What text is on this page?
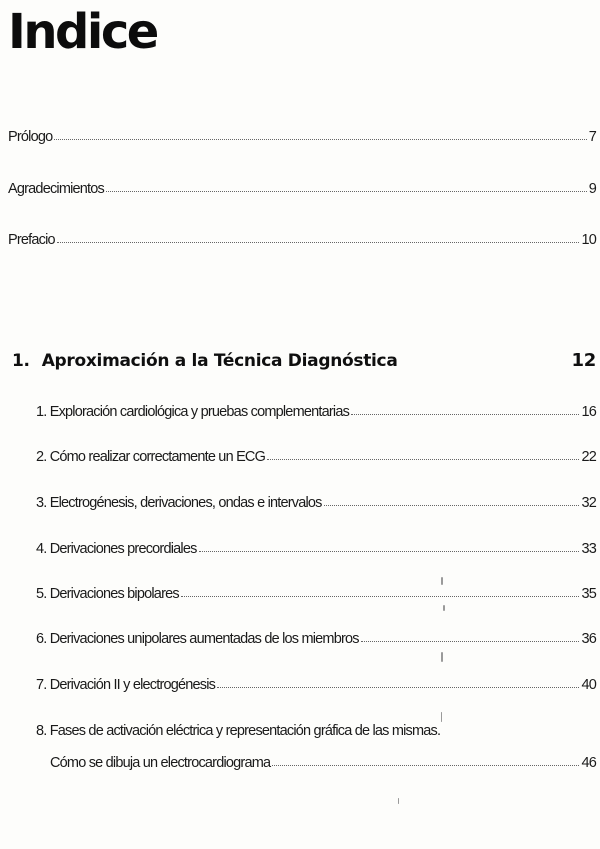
Indice
Prólogo	7
Agradecimientos	9
Prefacio	10
1. Aproximación a la Técnica Diagnóstica	12
1. Exploración cardiológica y pruebas complementarias	16
2. Cómo realizar correctamente un ECG	22
3. Electrogénesis, derivaciones, ondas e intervalos	32
4. Derivaciones precordiales	33
5. Derivaciones bipolares	35
6. Derivaciones unipolares aumentadas de los miembros	36
7. Derivación II y electrogénesis	40
8. Fases de activación eléctrica y representación gráfica de las mismas.
Cómo se dibuja un electrocardiograma	46
